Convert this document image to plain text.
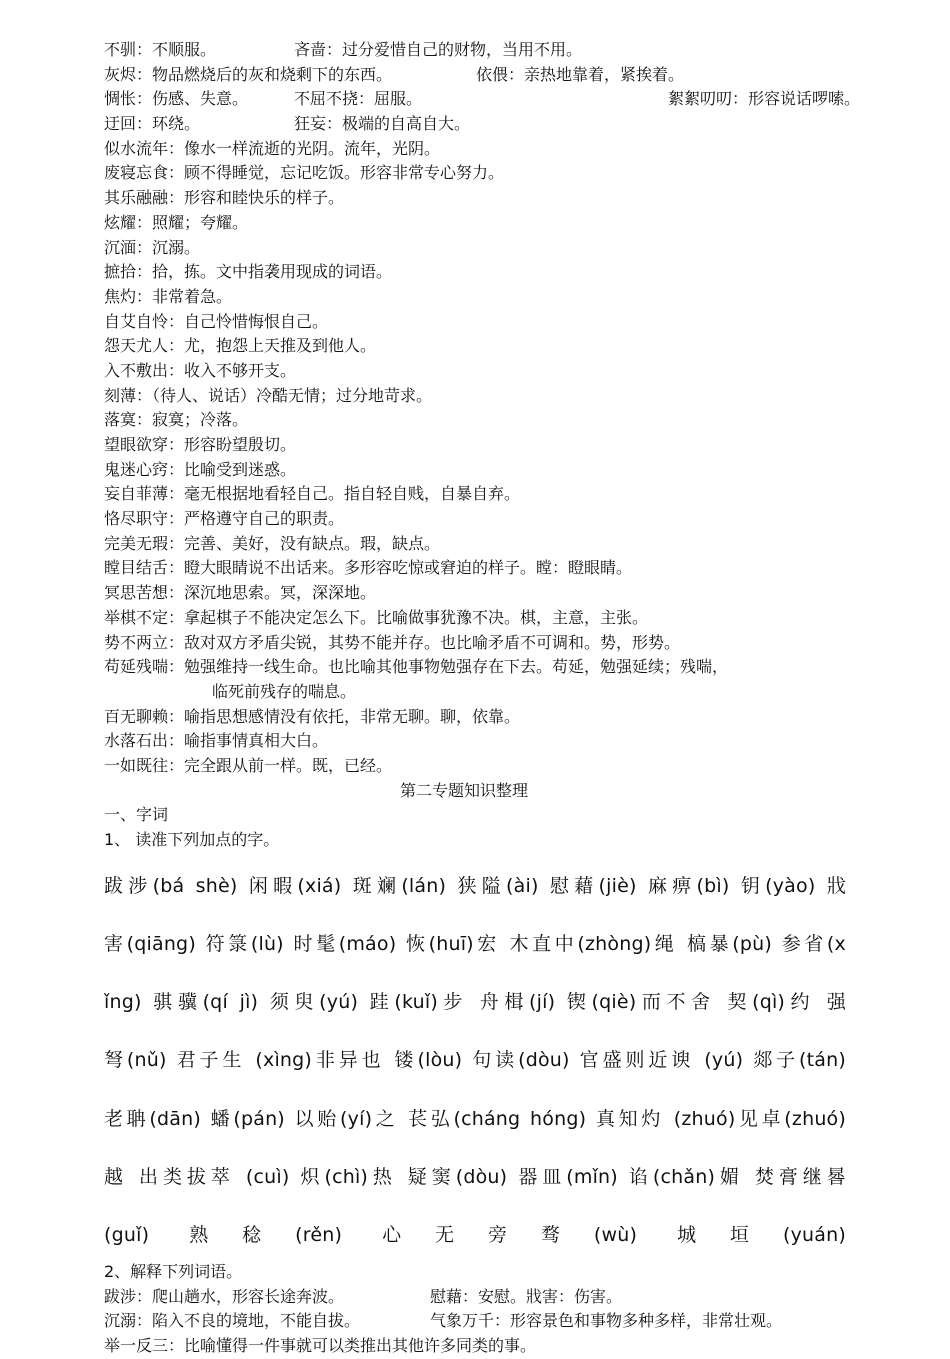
不驯：不顺服。	吝啬：过分爱惜自己的财物，当用不用。
灰烬：物品燃烧后的灰和烧剩下的东西。	依偎：亲热地靠着，紧挨着。
惆怅：伤感、失意。	不屈不挠：屈服。	絮絮叨叨：形容说话啰嗦。
迂回：环绕。	狂妄：极端的自高自大。
似水流年：像水一样流逝的光阴。流年，光阴。
废寝忘食：顾不得睡觉，忘记吃饭。形容非常专心努力。
其乐融融：形容和睦快乐的样子。
炫耀：照耀；夸耀。
沉湎：沉溺。
摭拾：拾，拣。文中指袭用现成的词语。
焦灼：非常着急。
自艾自怜：自己怜惜悔恨自己。
怨天尤人：尤，抱怨上天推及到他人。
入不敷出：收入不够开支。
刻薄：（待人、说话）冷酷无情；过分地苛求。
落寞：寂寞；冷落。
望眼欲穿：形容盼望殷切。
鬼迷心窍：比喻受到迷惑。
妄自菲薄：毫无根据地看轻自己。指自轻自贱，自暴自弃。
恪尽职守：严格遵守自己的职责。
完美无瑕：完善、美好，没有缺点。瑕，缺点。
瞠目结舌：瞪大眼睛说不出话来。多形容吃惊或窘迫的样子。瞠：瞪眼睛。
冥思苦想：深沉地思索。冥，深深地。
举棋不定：拿起棋子不能决定怎么下。比喻做事犹豫不决。棋，主意，主张。
势不两立：敌对双方矛盾尖锐，其势不能并存。也比喻矛盾不可调和。势，形势。
苟延残喘：勉强维持一线生命。也比喻其他事物勉强存在下去。苟延，勉强延续；残喘，
临死前残存的喘息。
百无聊赖：喻指思想感情没有依托，非常无聊。聊，依靠。
水落石出：喻指事情真相大白。
一如既往：完全跟从前一样。既，已经。
第二专题知识整理
一、字词
1、 读准下列加点的字。
跋涉(bá shè) 闲暇(xiá) 斑斓(lán) 狭隘(ài) 慰藉(jiè) 麻痹(bì) 钥(yào) 戕
害(qiāng) 符箓(lù) 时髦(máo) 恢(huī)宏 木直中(zhòng)绳 槁暴(pù) 参省(x
ǐng) 骐骥(qí jì) 须臾(yú) 跬(kuǐ)步 舟楫(jí) 锲(qiè)而不舍 契(qì)约 强
弩(nǔ) 君子生 (xìng)非异也 镂(lòu) 句读(dòu) 官盛则近谀 (yú) 郯子(tán)
老聃(dān) 蟠(pán) 以贻(yí)之 苌弘(cháng hóng) 真知灼 (zhuó)见卓(zhuó)
越 出类拔萃 (cuì) 炽(chì)热 疑窦(dòu) 器皿(mǐn) 谄(chǎn)媚 焚膏继晷
(guǐ) 熟稔(rěn) 心无旁骛(wù) 城垣(yuán)
2、解释下列词语。
跋涉：爬山趟水，形容长途奔波。	慰藉：安慰。戕害：伤害。
沉溺：陷入不良的境地，不能自拔。	气象万千：形容景色和事物多种多样，非常壮观。
举一反三：比喻懂得一件事就可以类推出其他许多同类的事。
